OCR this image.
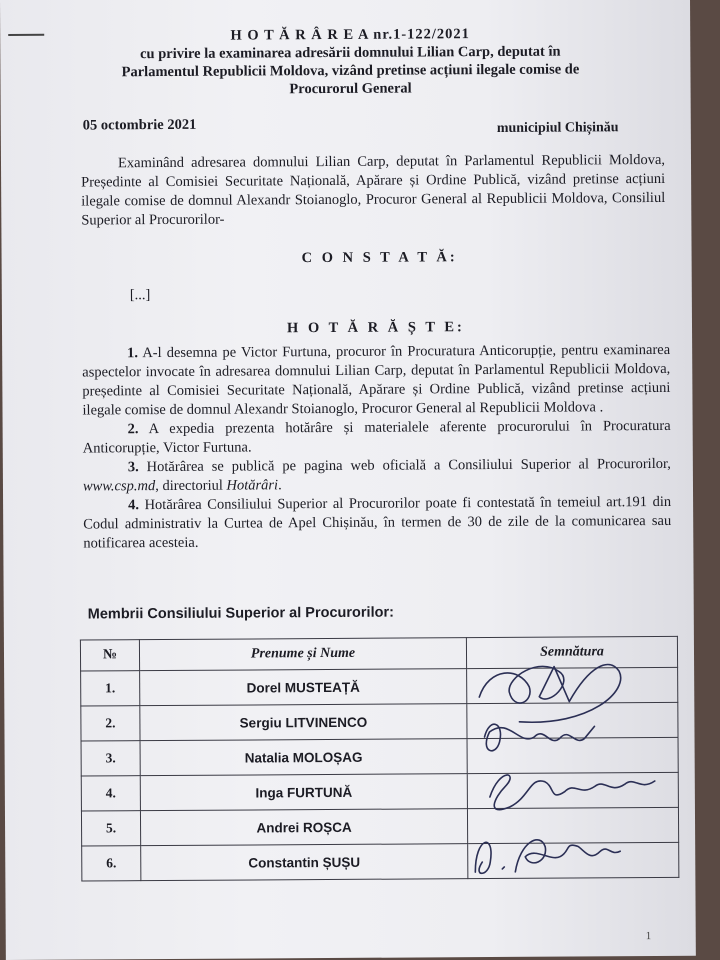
H O T Ă R Â R E A nr.1-122/2021
cu privire la examinarea adresării domnului Lilian Carp, deputat în
Parlamentul Republicii Moldova, vizând pretinse acțiuni ilegale comise de
Procurorul General
05 octombrie 2021	municipiul Chișinău

Examinând adresarea domnului Lilian Carp, deputat în Parlamentul Republicii Moldova, Președinte al Comisiei Securitate Națională, Apărare și Ordine Publică, vizând pretinse acțiuni ilegale comise de domnul Alexandr Stoianoglo, Procuror General al Republicii Moldova, Consiliul Superior al Procurorilor-

C O N S T A T Ă:
[...]
H O T Ă R Ă Ș T E:

1. A-l desemna pe Victor Furtuna, procuror în Procuratura Anticorupție, pentru examinarea aspectelor invocate în adresarea domnului Lilian Carp, deputat în Parlamentul Republicii Moldova, președinte al Comisiei Securitate Națională, Apărare și Ordine Publică, vizând pretinse acțiuni ilegale comise de domnul Alexandr Stoianoglo, Procuror General al Republicii Moldova .

2. A expedia prezenta hotărâre și materialele aferente procurorului în Procuratura Anticorupție, Victor Furtuna.

3. Hotărârea se publică pe pagina web oficială a Consiliului Superior al Procurorilor, www.csp.md, directoriul Hotărâri.

4. Hotărârea Consiliului Superior al Procurorilor poate fi contestată în temeiul art.191 din Codul administrativ la Curtea de Apel Chișinău, în termen de 30 de zile de la comunicarea sau notificarea acesteia.

Membrii Consiliului Superior al Procurorilor:
№	Prenume și Nume	Semnătura
1.	Dorel MUSTEAȚĂ	
2.	Sergiu LITVINENCO	
3.	Natalia MOLOȘAG	
4.	Inga FURTUNĂ	
5.	Andrei ROȘCA	
6.	Constantin ȘUȘU	
1
